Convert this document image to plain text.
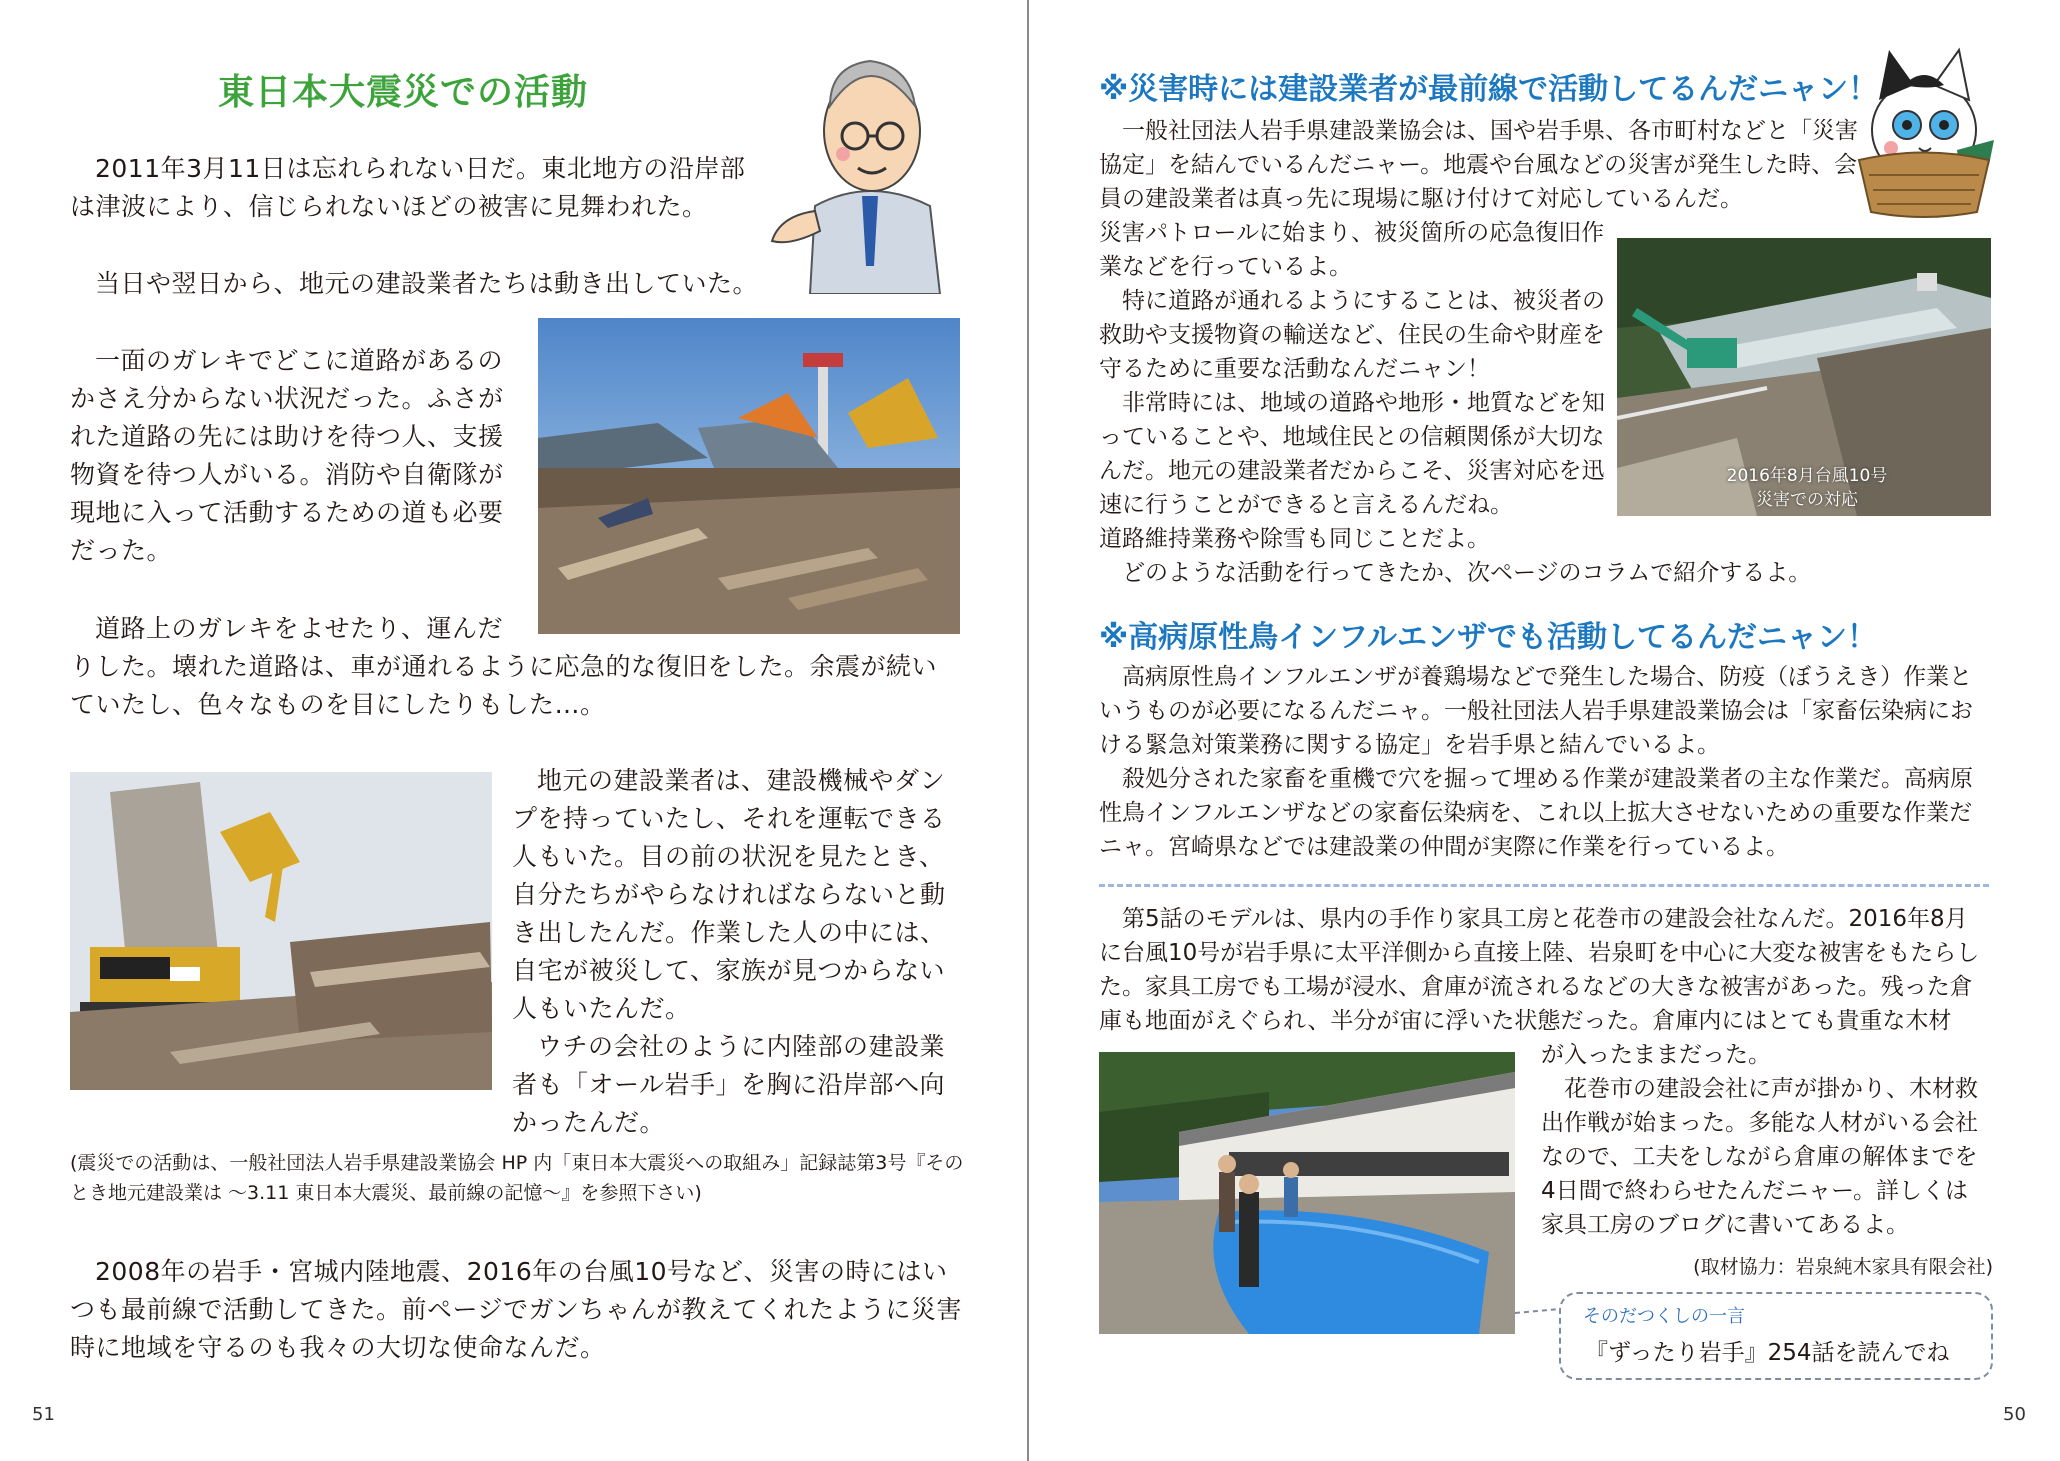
東日本大震災での活動

2011年3月11日は忘れられない日だ。東北地方の沿岸部は津波により、信じられないほどの被害に見舞われた。

当日や翌日から、地元の建設業者たちは動き出していた。

一面のガレキでどこに道路があるのかさえ分からない状況だった。ふさがれた道路の先には助けを待つ人、支援物資を待つ人がいる。消防や自衛隊が現地に入って活動するための道も必要だった。

道路上のガレキをよせたり、運んだ

りした。壊れた道路は、車が通れるように応急的な復旧をした。余震が続いていたし、色々なものを目にしたりもした…。

地元の建設業者は、建設機械やダンプを持っていたし、それを運転できる人もいた。目の前の状況を見たとき、自分たちがやらなければならないと動き出したんだ。作業した人の中には、自宅が被災して、家族が見つからない人もいたんだ。

ウチの会社のように内陸部の建設業者も「オール岩手」を胸に沿岸部へ向かったんだ。

(震災での活動は、一般社団法人岩手県建設業協会 HP 内「東日本大震災への取組み」記録誌第3号『そのとき地元建設業は ～3.11 東日本大震災、最前線の記憶～』を参照下さい)

2008年の岩手・宮城内陸地震、2016年の台風10号など、災害の時にはいつも最前線で活動してきた。前ページでガンちゃんが教えてくれたように災害時に地域を守るのも我々の大切な使命なんだ。

51
※災害時には建設業者が最前線で活動してるんだニャン！

一般社団法人岩手県建設業協会は、国や岩手県、各市町村などと「災害協定」を結んでいるんだニャー。地震や台風などの災害が発生した時、会員の建設業者は真っ先に現場に駆け付けて対応しているんだ。

災害パトロールに始まり、被災箇所の応急復旧作業などを行っているよ。

2016年8月台風10号
災害での対応

特に道路が通れるようにすることは、被災者の救助や支援物資の輸送など、住民の生命や財産を守るために重要な活動なんだニャン！

非常時には、地域の道路や地形・地質などを知っていることや、地域住民との信頼関係が大切なんだ。地元の建設業者だからこそ、災害対応を迅速に行うことができると言えるんだね。

道路維持業務や除雪も同じことだよ。

どのような活動を行ってきたか、次ページのコラムで紹介するよ。

※高病原性鳥インフルエンザでも活動してるんだニャン！

高病原性鳥インフルエンザが養鶏場などで発生した場合、防疫（ぼうえき）作業というものが必要になるんだニャ。一般社団法人岩手県建設業協会は「家畜伝染病における緊急対策業務に関する協定」を岩手県と結んでいるよ。

殺処分された家畜を重機で穴を掘って埋める作業が建設業者の主な作業だ。高病原性鳥インフルエンザなどの家畜伝染病を、これ以上拡大させないための重要な作業だニャ。宮崎県などでは建設業の仲間が実際に作業を行っているよ。

第5話のモデルは、県内の手作り家具工房と花巻市の建設会社なんだ。2016年8月に台風10号が岩手県に太平洋側から直接上陸、岩泉町を中心に大変な被害をもたらした。家具工房でも工場が浸水、倉庫が流されるなどの大きな被害があった。残った倉庫も地面がえぐられ、半分が宙に浮いた状態だった。倉庫内にはとても貴重な木材

が入ったままだった。

花巻市の建設会社に声が掛かり、木材救出作戦が始まった。多能な人材がいる会社なので、工夫をしながら倉庫の解体までを4日間で終わらせたんだニャー。詳しくは家具工房のブログに書いてあるよ。

(取材協力：岩泉純木家具有限会社)
そのだつくしの一言
『ずったり岩手』254話を読んでね
50
